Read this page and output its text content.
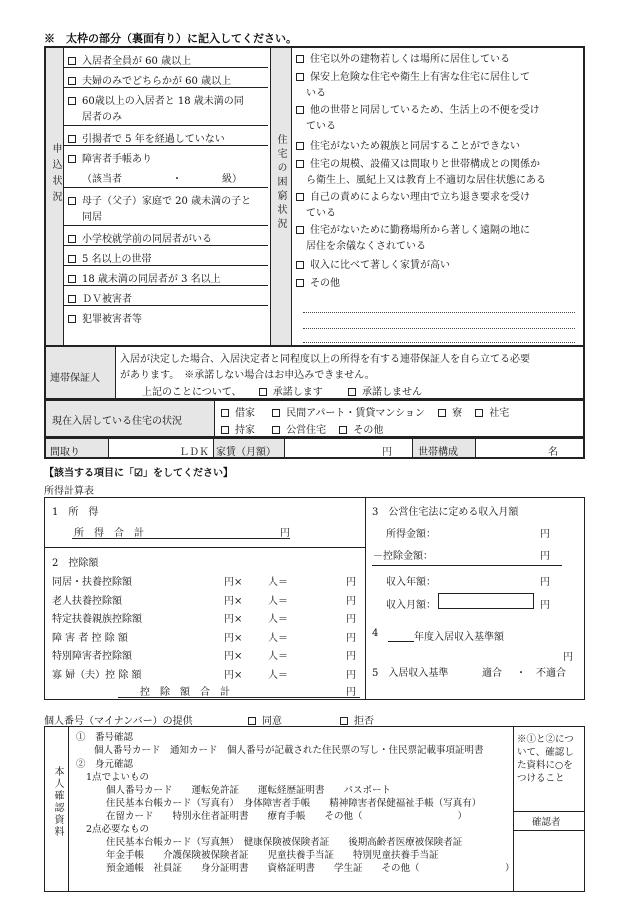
※　太枠の部分（裏面有り）に記入してください。
申込状況	住宅の困窮状況
入居者全員が 60 歳以上
夫婦のみでどちらかが 60 歳以上
60歳以上の入居者と 18 歳未満の同
居者のみ
引揚者で 5 年を経過していない
障害者手帳あり
（該当者　　　　　・　　　　級）
母子（父子）家庭で 20 歳未満の子と
同居
小学校就学前の同居者がいる
5 名以上の世帯
18 歳未満の同居者が 3 名以上
ＤＶ被害者
犯罪被害者等
住宅以外の建物若しくは場所に居住している
保安上危険な住宅や衛生上有害な住宅に居住して
いる
他の世帯と同居しているため、生活上の不便を受け
ている
住宅がないため親族と同居することができない
住宅の規模、設備又は間取りと世帯構成との関係か
ら衛生上、風紀上又は教育上不適切な居住状態にある
自己の責めによらない理由で立ち退き要求を受け
ている
住宅がないために勤務場所から著しく遠隔の地に
居住を余儀なくされている
収入に比べて著しく家賃が高い
その他
連帯保証人
入居が決定した場合、入居決定者と同程度以上の所得を有する連帯保証人を自ら立てる必要
があります。　※承諾しない場合はお申込みできません。
上記のことについて、	承諾します	承諾しません
現在入居している住宅の状況
借家	民間アパート・賃貸マンション	寮	社宅
持家	公営住宅	その他
間取り	ＬＤＫ 家賃（月額）	円	世帯構成	名
【該当する項目に「☑」をしてください】
所得計算表
1　所　得
所　得　合　計	円
2　控除額
同居・扶養控除額	円×	人＝	円
老人扶養控除額	円×	人＝	円
特定扶養親族控除額	円×	人＝	円
障 害 者 控 除 額	円×	人＝	円
特別障害者控除額	円×	人＝	円
寡 婦（夫）控 除 額	円×	人＝	円
控　除　額　合　計	円
3　公営住宅法に定める収入月額
所得金額：	円
－控除金額：	円
収入年額：	円
収入月額：	円
4	年度入居収入基準額
円
5　入居収入基準	適合 ・ 不適合
個人番号（マイナンバー）の提供	同意	拒否
本人確認資料
①　番号確認
個人番号カード　通知カード　個人番号が記載された住民票の写し・住民票記載事項証明書
②　身元確認
1点でよいもの
個人番号カード　　運転免許証　　運転経歴証明書　　パスポート
住民基本台帳カード（写真有）　身体障害者手帳　　精神障害者保健福祉手帳（写真有）
在留カード　　特別永住者証明書　　療育手帳　　その他（　　　　　　　　　　）
2点必要なもの
住民基本台帳カード（写真無）　健康保険被保険者証　　後期高齢者医療被保険者証
年金手帳　　介護保険被保険者証　　児童扶養手当証　　特別児童扶養手当証
預金通帳　社員証　　身分証明書　　資格証明書　　学生証　　その他（　　　　　　　　　）
※①と②につ
いて、確認し
た資料に○を
つけること
確認者
